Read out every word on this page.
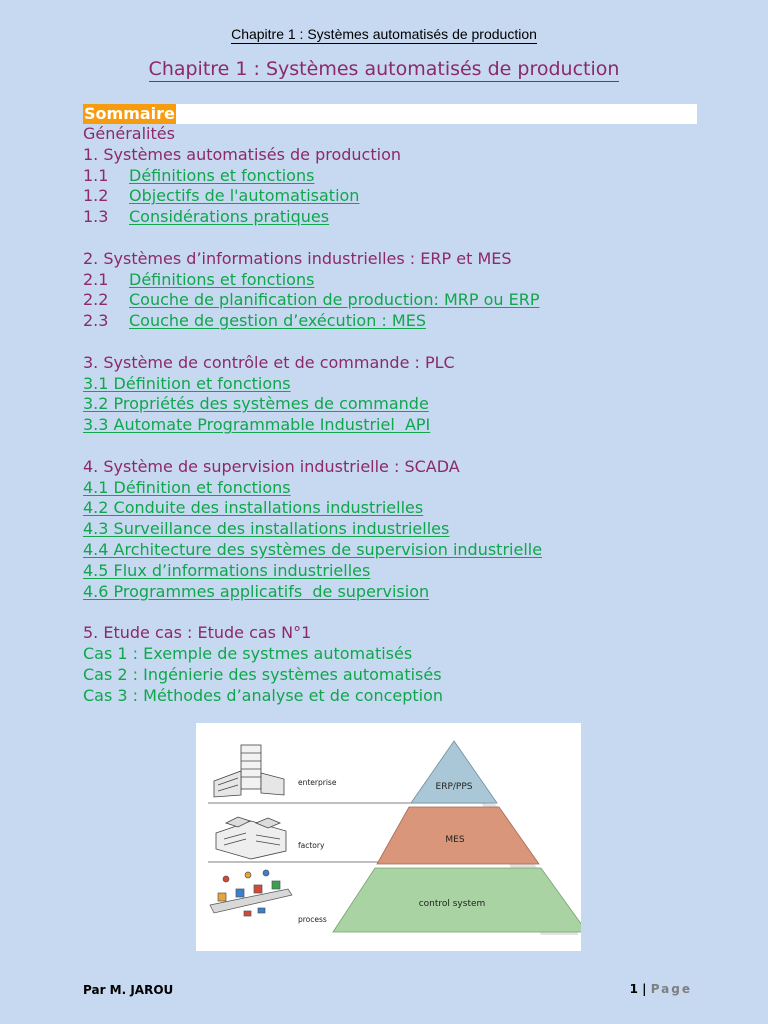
Chapitre 1 : Systèmes automatisés de production
Chapitre 1 : Systèmes automatisés de production
Sommaire
Généralités
1. Systèmes automatisés de production
1.1 Définitions et fonctions
1.2 Objectifs de l'automatisation
1.3 Considérations pratiques
2. Systèmes d’informations industrielles : ERP et MES
2.1 Définitions et fonctions
2.2 Couche de planification de production: MRP ou ERP
2.3 Couche de gestion d’exécution : MES
3. Système de contrôle et de commande : PLC
3.1 Définition et fonctions
3.2 Propriétés des systèmes de commande
3.3 Automate Programmable Industriel  API
4. Système de supervision industrielle : SCADA
4.1 Définition et fonctions
4.2 Conduite des installations industrielles
4.3 Surveillance des installations industrielles
4.4 Architecture des systèmes de supervision industrielle
4.5 Flux d’informations industrielles
4.6 Programmes applicatifs  de supervision
5. Etude cas : Etude cas N°1
Cas 1 : Exemple de systmes automatisés
Cas 2 : Ingénierie des systèmes automatisés
Cas 3 : Méthodes d’analyse et de conception
ERP/PPS
MES
control system
enterprise
factory
process
Par M. JAROU	1 | Page
